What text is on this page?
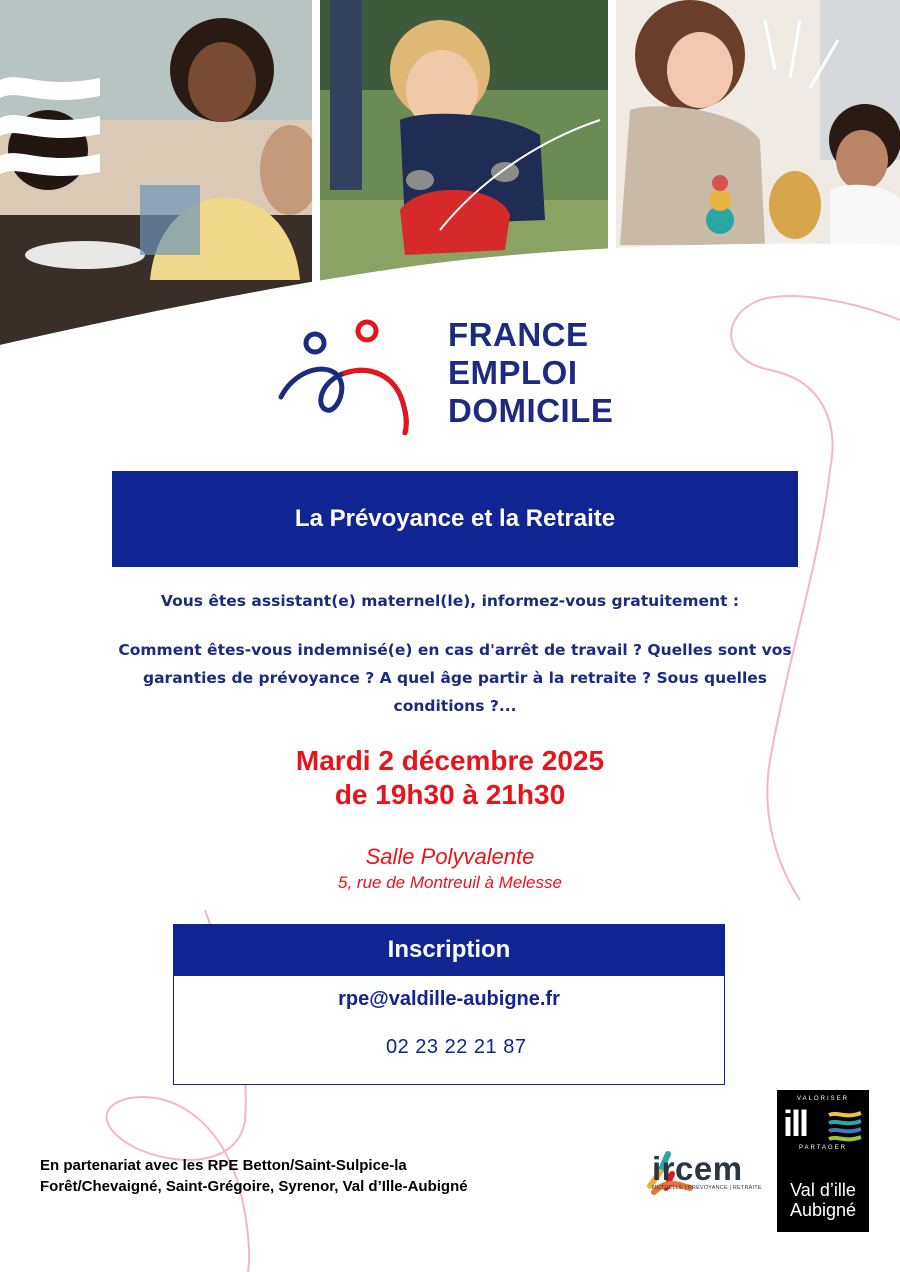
FRANCE
EMPLOI
DOMICILE
La Prévoyance et la Retraite
Vous êtes assistant(e) maternel(le), informez-vous gratuitement :
Comment êtes-vous indemnisé(e) en cas d'arrêt de travail ? Quelles sont vos garanties de prévoyance ? A quel âge partir à la retraite ? Sous quelles conditions ?...
Mardi 2 décembre 2025
de 19h30 à 21h30
Salle Polyvalente
5, rue de Montreuil à Melesse
Inscription
rpe@valdille-aubigne.fr
02 23 22 21 87
En partenariat avec les RPE Betton/Saint-Sulpice-la
Forêt/Chevaigné, Saint-Grégoire, Syrenor, Val d’Ille-Aubigné	ircem
MUTUELLE | PRÉVOYANCE | RETRAITE
VALORISER
ill
PARTAGER
Val d’ille
Aubigné
